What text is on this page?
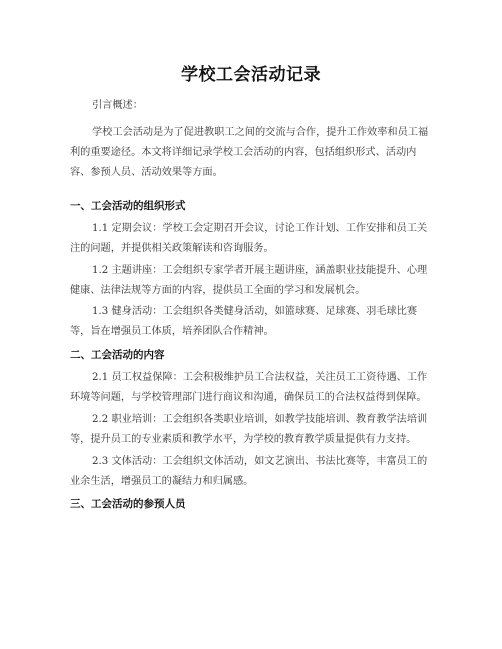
学校工会活动记录
引言概述：
学校工会活动是为了促进教职工之间的交流与合作，提升工作效率和员工福利的重要途径。本文将详细记录学校工会活动的内容，包括组织形式、活动内容、参预人员、活动效果等方面。
一、工会活动的组织形式
1.1 定期会议：学校工会定期召开会议，讨论工作计划、工作安排和员工关注的问题，并提供相关政策解读和咨询服务。
1.2 主题讲座：工会组织专家学者开展主题讲座，涵盖职业技能提升、心理健康、法律法规等方面的内容，提供员工全面的学习和发展机会。
1.3 健身活动：工会组织各类健身活动，如篮球赛、足球赛、羽毛球比赛等，旨在增强员工体质，培养团队合作精神。
二、工会活动的内容
2.1 员工权益保障：工会积极维护员工合法权益，关注员工工资待遇、工作环境等问题，与学校管理部门进行商议和沟通，确保员工的合法权益得到保障。
2.2 职业培训：工会组织各类职业培训，如教学技能培训、教育教学法培训等，提升员工的专业素质和教学水平，为学校的教育教学质量提供有力支持。
2.3 文体活动：工会组织文体活动，如文艺演出、书法比赛等，丰富员工的业余生活，增强员工的凝结力和归属感。
三、工会活动的参预人员
